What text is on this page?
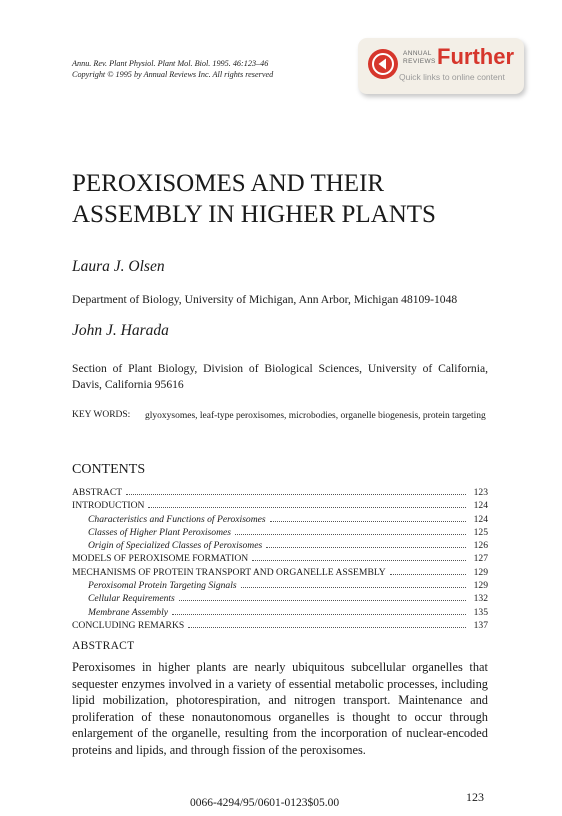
Annu. Rev. Plant Physiol. Plant Mol. Biol. 1995. 46:123–46
Copyright © 1995 by Annual Reviews Inc. All rights reserved
ANNUAL
REVIEWS Further
Quick links to online content
PEROXISOMES AND THEIR
ASSEMBLY IN HIGHER PLANTS
Laura J. Olsen
Department of Biology, University of Michigan, Ann Arbor, Michigan 48109-1048
John J. Harada
Section of Plant Biology, Division of Biological Sciences, University of California, Davis, California 95616
KEY WORDS: glyoxysomes, leaf-type peroxisomes, microbodies, organelle biogenesis, protein targeting
CONTENTS
ABSTRACT	123
INTRODUCTION	124
Characteristics and Functions of Peroxisomes	124
Classes of Higher Plant Peroxisomes	125
Origin of Specialized Classes of Peroxisomes	126
MODELS OF PEROXISOME FORMATION	127
MECHANISMS OF PROTEIN TRANSPORT AND ORGANELLE ASSEMBLY	129
Peroxisomal Protein Targeting Signals	129
Cellular Requirements	132
Membrane Assembly	135
CONCLUDING REMARKS	137
ABSTRACT
Peroxisomes in higher plants are nearly ubiquitous subcellular organelles that sequester enzymes involved in a variety of essential metabolic processes, including lipid mobilization, photorespiration, and nitrogen transport. Maintenance and proliferation of these nonautonomous organelles is thought to occur through enlargement of the organelle, resulting from the incorporation of nuclear-encoded proteins and lipids, and through fission of the peroxisomes.
0066-4294/95/0601-0123$05.00	123
